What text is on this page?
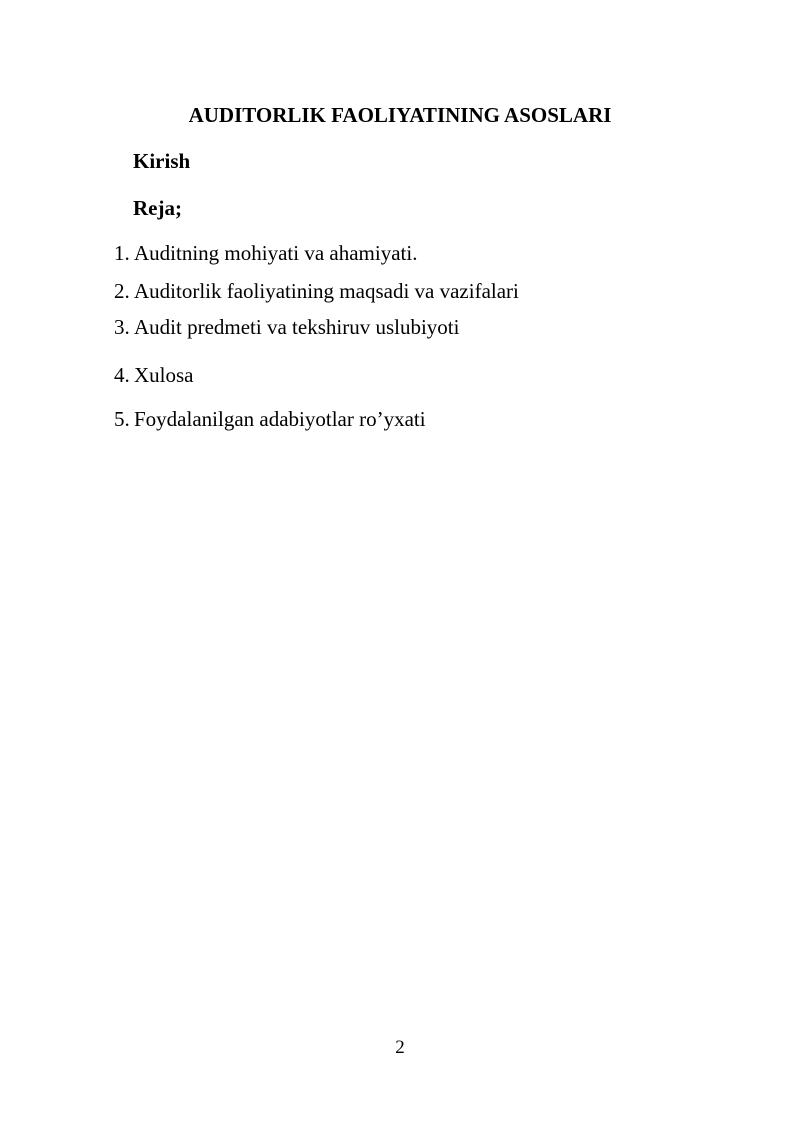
AUDITORLIK FAOLIYATINING ASOSLARI
Kirish
Reja;
1. Auditning mohiyati va ahamiyati.
2. Auditorlik faoliyatining maqsadi va vazifalari
3. Audit predmeti va tekshiruv uslubiyoti
4. Xulosa
5. Foydalanilgan adabiyotlar ro’yxati
2
